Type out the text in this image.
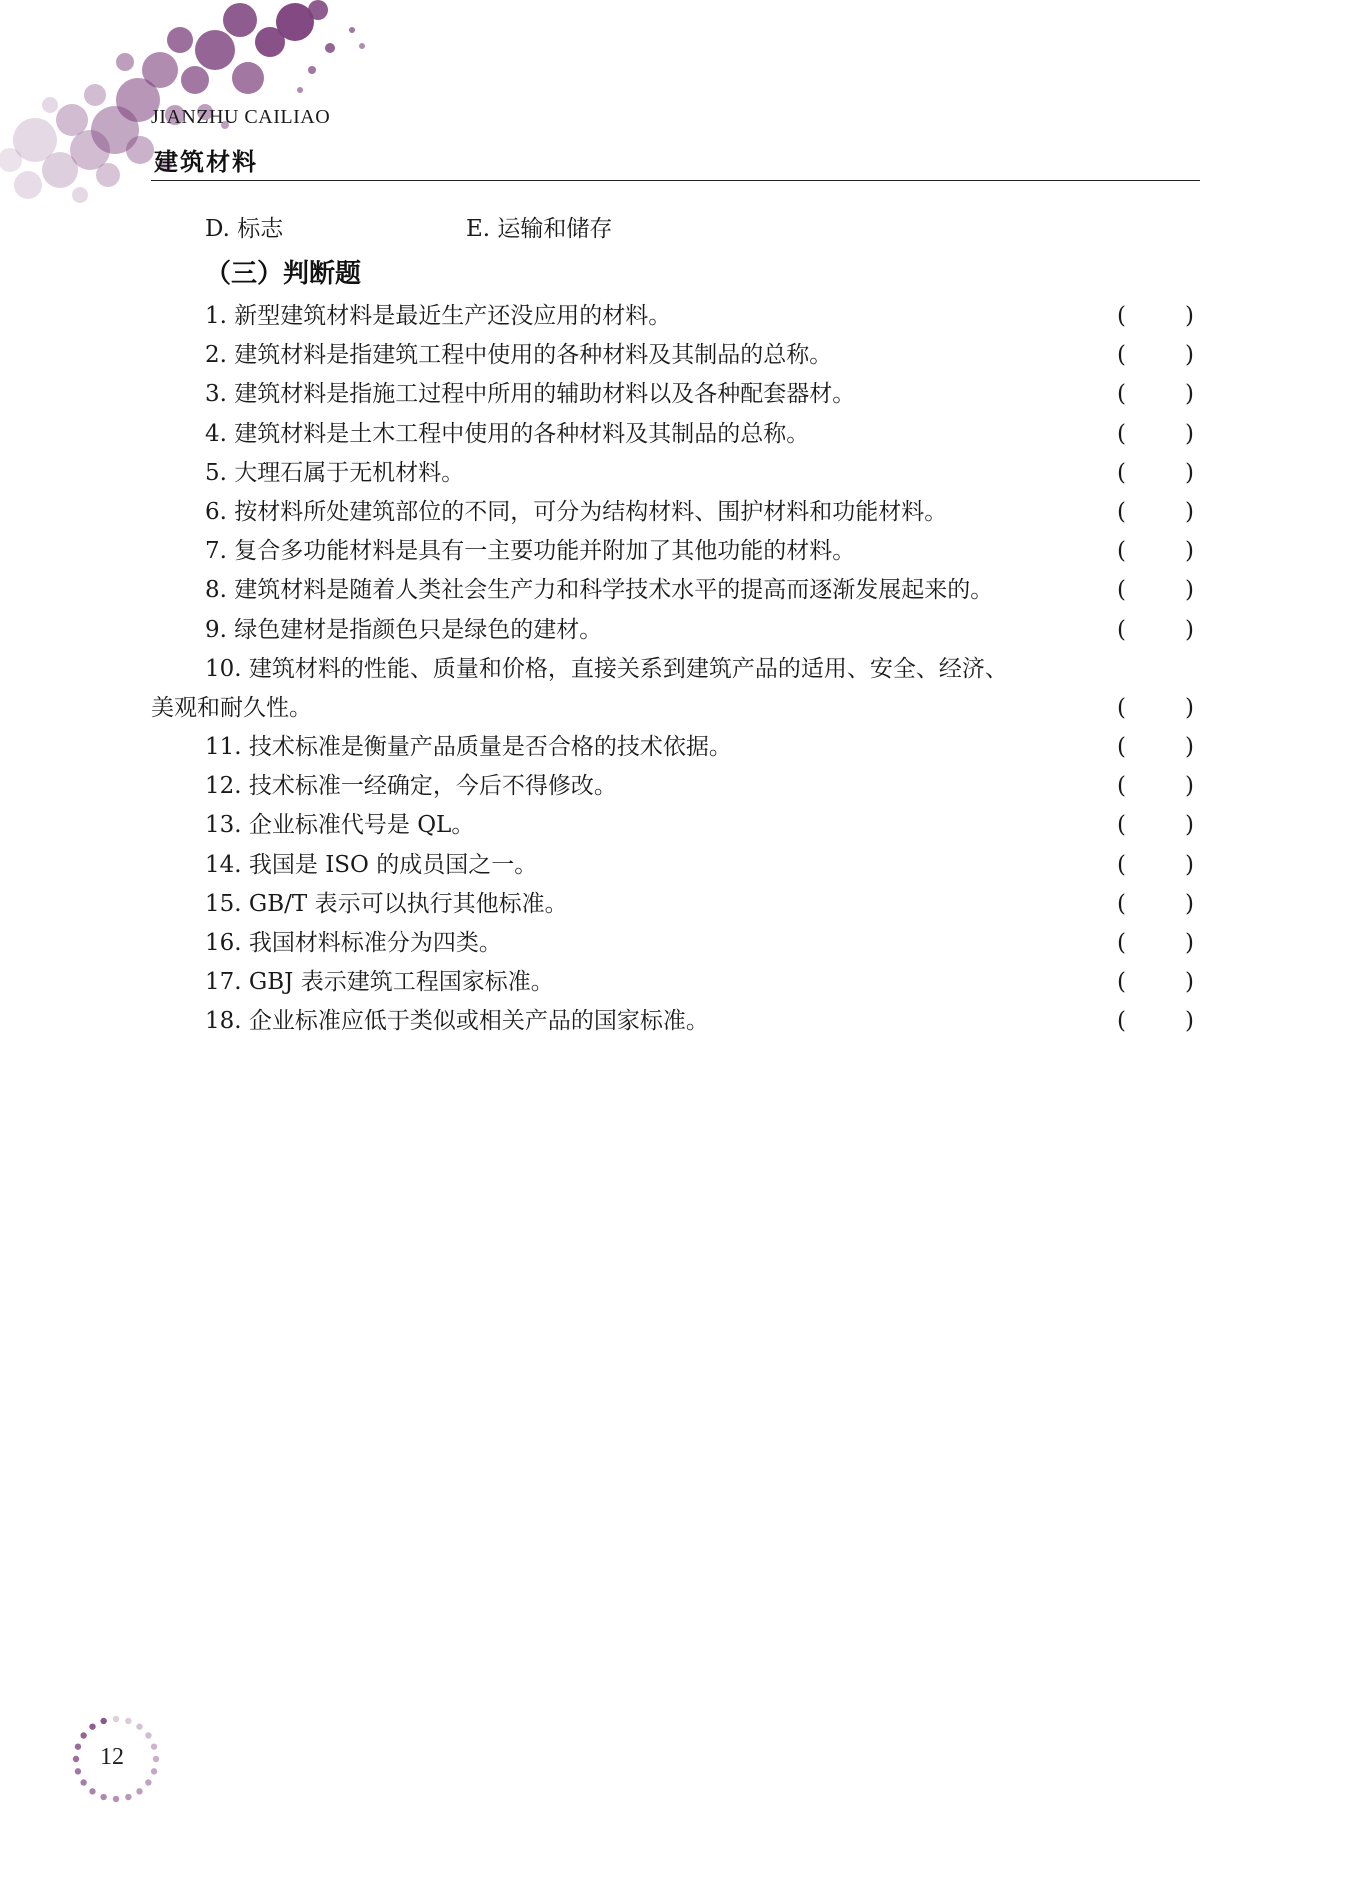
JIANZHU CAILIAO
建筑材料
D. 标志	E. 运输和储存
（三）判断题
1. 新型建筑材料是最近生产还没应用的材料。	(	)
2. 建筑材料是指建筑工程中使用的各种材料及其制品的总称。	(	)
3. 建筑材料是指施工过程中所用的辅助材料以及各种配套器材。	(	)
4. 建筑材料是土木工程中使用的各种材料及其制品的总称。	(	)
5. 大理石属于无机材料。	(	)
6. 按材料所处建筑部位的不同，可分为结构材料、围护材料和功能材料。	(	)
7. 复合多功能材料是具有一主要功能并附加了其他功能的材料。	(	)
8. 建筑材料是随着人类社会生产力和科学技术水平的提高而逐渐发展起来的。	(	)
9. 绿色建材是指颜色只是绿色的建材。	(	)
10. 建筑材料的性能、质量和价格，直接关系到建筑产品的适用、安全、经济、
美观和耐久性。	(	)
11. 技术标准是衡量产品质量是否合格的技术依据。	(	)
12. 技术标准一经确定，今后不得修改。	(	)
13. 企业标准代号是 QL。	(	)
14. 我国是 ISO 的成员国之一。	(	)
15. GB/T 表示可以执行其他标准。	(	)
16. 我国材料标准分为四类。	(	)
17. GBJ 表示建筑工程国家标准。	(	)
18. 企业标准应低于类似或相关产品的国家标准。	(	)
12
